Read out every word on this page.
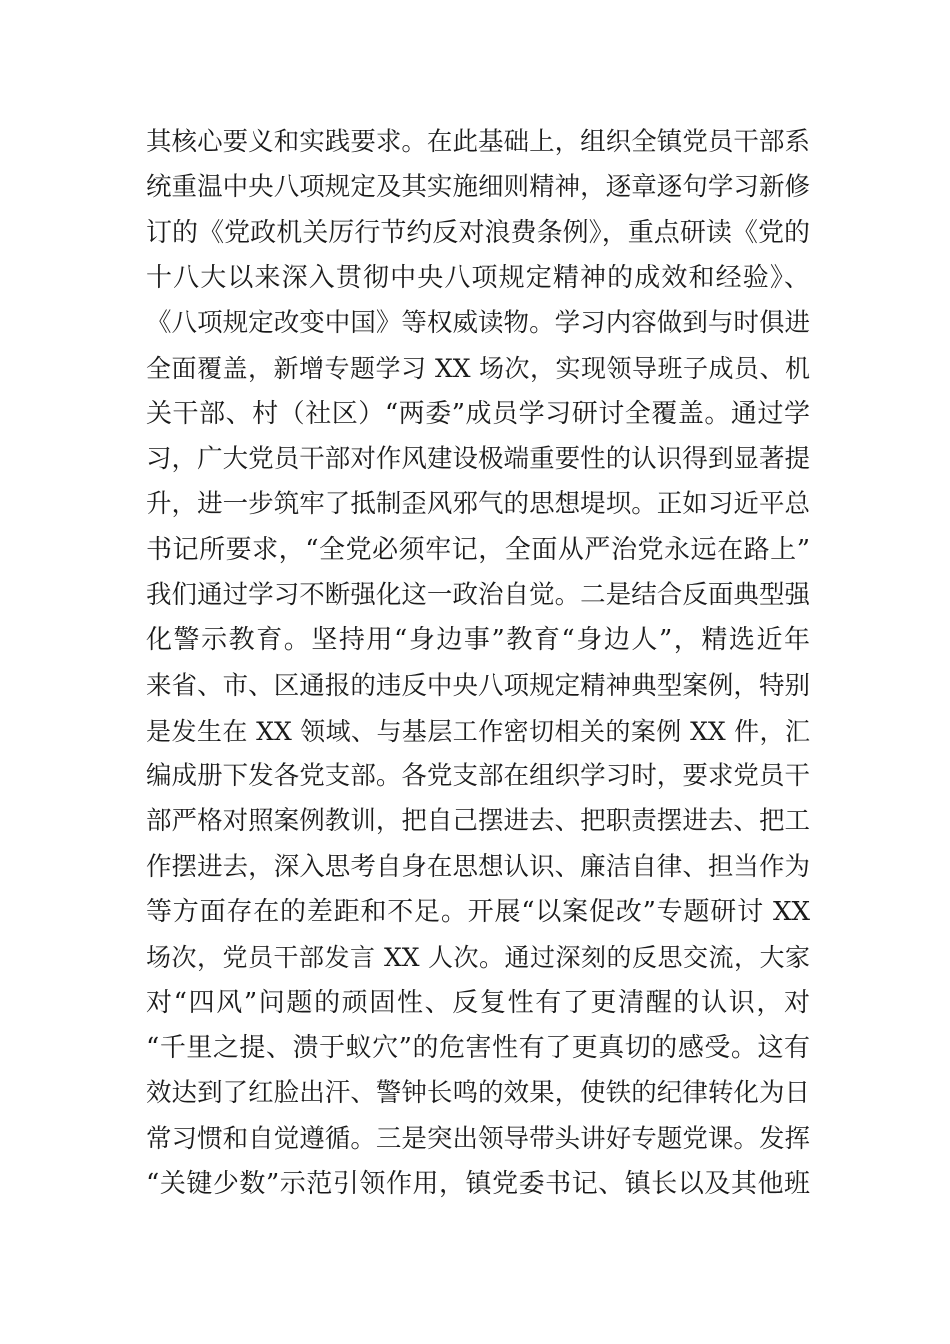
其核心要义和实践要求。在此基础上，组织全镇党员干部系
统重温中央八项规定及其实施细则精神，逐章逐句学习新修
订的《党政机关厉行节约反对浪费条例》，重点研读《党的
十八大以来深入贯彻中央八项规定精神的成效和经验》、
《八项规定改变中国》等权威读物。学习内容做到与时俱进
全面覆盖，新增专题学习 XX 场次，实现领导班子成员、机
关干部、村（社区）“两委”成员学习研讨全覆盖。通过学
习，广大党员干部对作风建设极端重要性的认识得到显著提
升，进一步筑牢了抵制歪风邪气的思想堤坝。正如习近平总
书记所要求，“全党必须牢记，全面从严治党永远在路上”
我们通过学习不断强化这一政治自觉。二是结合反面典型强
化警示教育。坚持用“身边事”教育“身边人”，精选近年
来省、市、区通报的违反中央八项规定精神典型案例，特别
是发生在 XX 领域、与基层工作密切相关的案例 XX 件，汇
编成册下发各党支部。各党支部在组织学习时，要求党员干
部严格对照案例教训，把自己摆进去、把职责摆进去、把工
作摆进去，深入思考自身在思想认识、廉洁自律、担当作为
等方面存在的差距和不足。开展“以案促改”专题研讨 XX
场次，党员干部发言 XX 人次。通过深刻的反思交流，大家
对“四风”问题的顽固性、反复性有了更清醒的认识，对
“千里之提、溃于蚁穴”的危害性有了更真切的感受。这有
效达到了红脸出汗、警钟长鸣的效果，使铁的纪律转化为日
常习惯和自觉遵循。三是突出领导带头讲好专题党课。发挥
“关键少数”示范引领作用，镇党委书记、镇长以及其他班
